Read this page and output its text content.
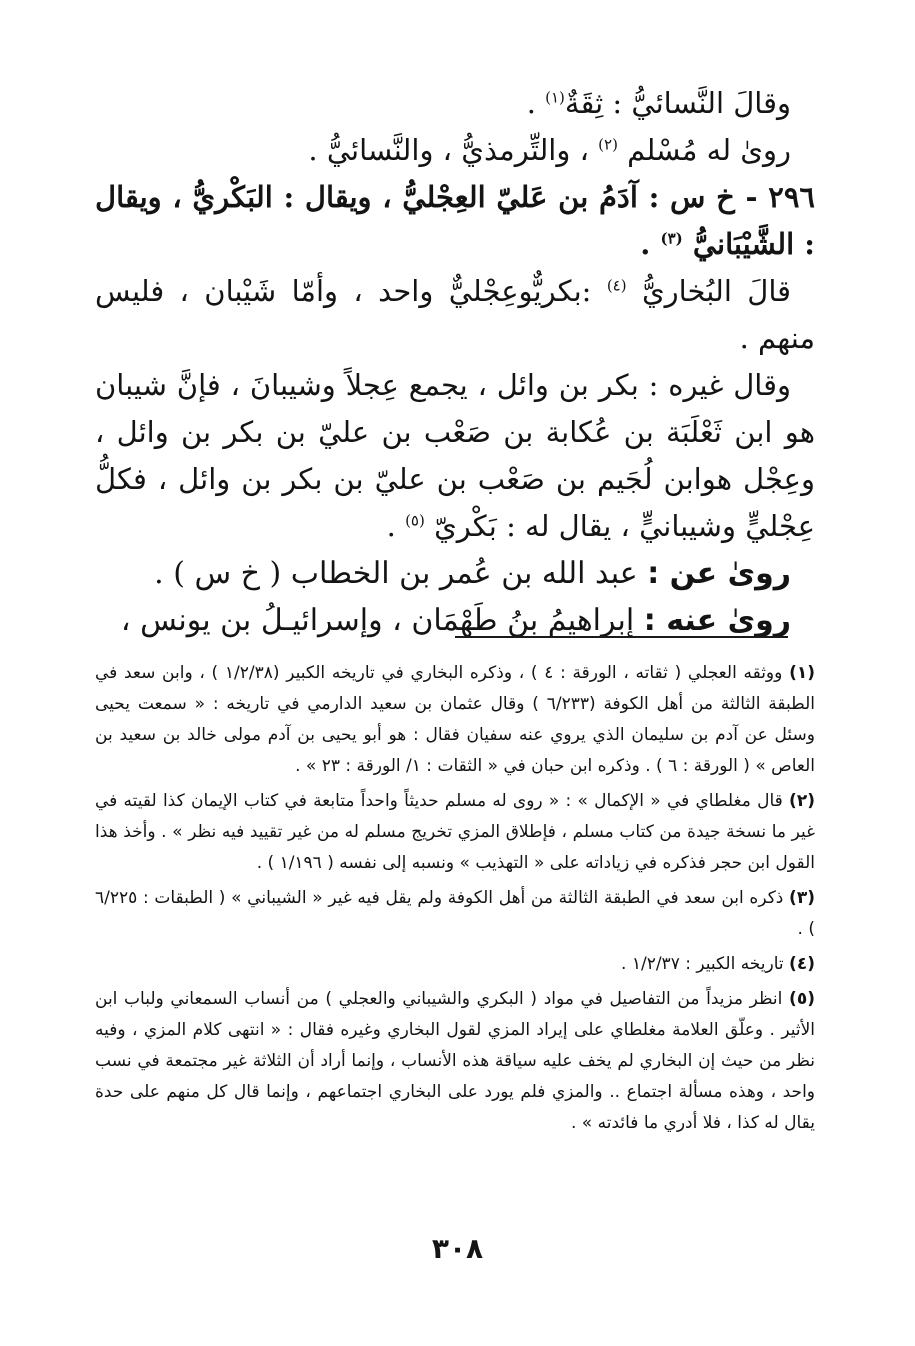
وقالَ النَّسائيُّ : ثِقَةٌ$^{(١)}$ .

روىٰ له مُسْلم $^{(٢)}$ ، والتِّرمذيُّ ، والنَّسائيُّ .

٢٩٦ - خ س : آدَمُ بن عَليّ العِجْليُّ ، ويقال : البَكْريُّ ، ويقال : الشَّيْبَانيُّ $^{(٣)}$ .

قالَ البُخاريُّ $^{(٤)}$ :بكريٌّوعِجْليٌّ واحد ، وأمّا شَيْبان ، فليس منهم .

وقال غيره : بكر بن وائل ، يجمع عِجلاً وشيبانَ ، فإنَّ شيبان هو ابن ثَعْلَبَة بن عُكابة بن صَعْب بن عليّ بن بكر بن وائل ، وعِجْل هوابن لُجَيم بن صَعْب بن عليّ بن بكر بن وائل ، فكلُّ عِجْليٍّ وشيبانيٍّ ، يقال له : بَكْريّ $^{(٥)}$ .

روىٰ عن : عبد الله بن عُمر بن الخطاب ( خ س ) .

روىٰ عنه : إبراهيمُ بنُ طَهْمَان ، وإسرائيـلُ بن يونس ،

(١) ووثقه العجلي ( ثقاته ، الورقة : ٤ ) ، وذكره البخاري في تاريخه الكبير (١/٢/٣٨ ) ، وابن سعد في الطبقة الثالثة من أهل الكوفة (٦/٢٣٣ ) وقال عثمان بن سعيد الدارمي في تاريخه : « سمعت يحيى وسئل عن آدم بن سليمان الذي يروي عنه سفيان فقال : هو أبو يحيى بن آدم مولى خالد بن سعيد بن العاص » ( الورقة : ٦ ) . وذكره ابن حبان في « الثقات : ١/ الورقة : ٢٣ » .

(٢) قال مغلطاي في « الإكمال » : « روى له مسلم حديثاً واحداً متابعة في كتاب الإيمان كذا لقيته في غير ما نسخة جيدة من كتاب مسلم ، فإطلاق المزي تخريج مسلم له من غير تقييد فيه نظر » . وأخذ هذا القول ابن حجر فذكره في زياداته على « التهذيب » ونسبه إلى نفسه ( ١/١٩٦ ) .

(٣) ذكره ابن سعد في الطبقة الثالثة من أهل الكوفة ولم يقل فيه غير « الشيباني » ( الطبقات : ٦/٢٢٥ ) .

(٤) تاريخه الكبير : ١/٢/٣٧ .

(٥) انظر مزيداً من التفاصيل في مواد ( البكري والشيباني والعجلي ) من أنساب السمعاني ولباب ابن الأثير . وعلّق العلامة مغلطاي على إيراد المزي لقول البخاري وغيره فقال : « انتهى كلام المزي ، وفيه نظر من حيث إن البخاري لم يخف عليه سياقة هذه الأنساب ، وإنما أراد أن الثلاثة غير مجتمعة في نسب واحد ، وهذه مسألة اجتماع .. والمزي فلم يورد على البخاري اجتماعهم ، وإنما قال كل منهم على حدة يقال له كذا ، فلا أدري ما فائدته » .

٣٠٨
